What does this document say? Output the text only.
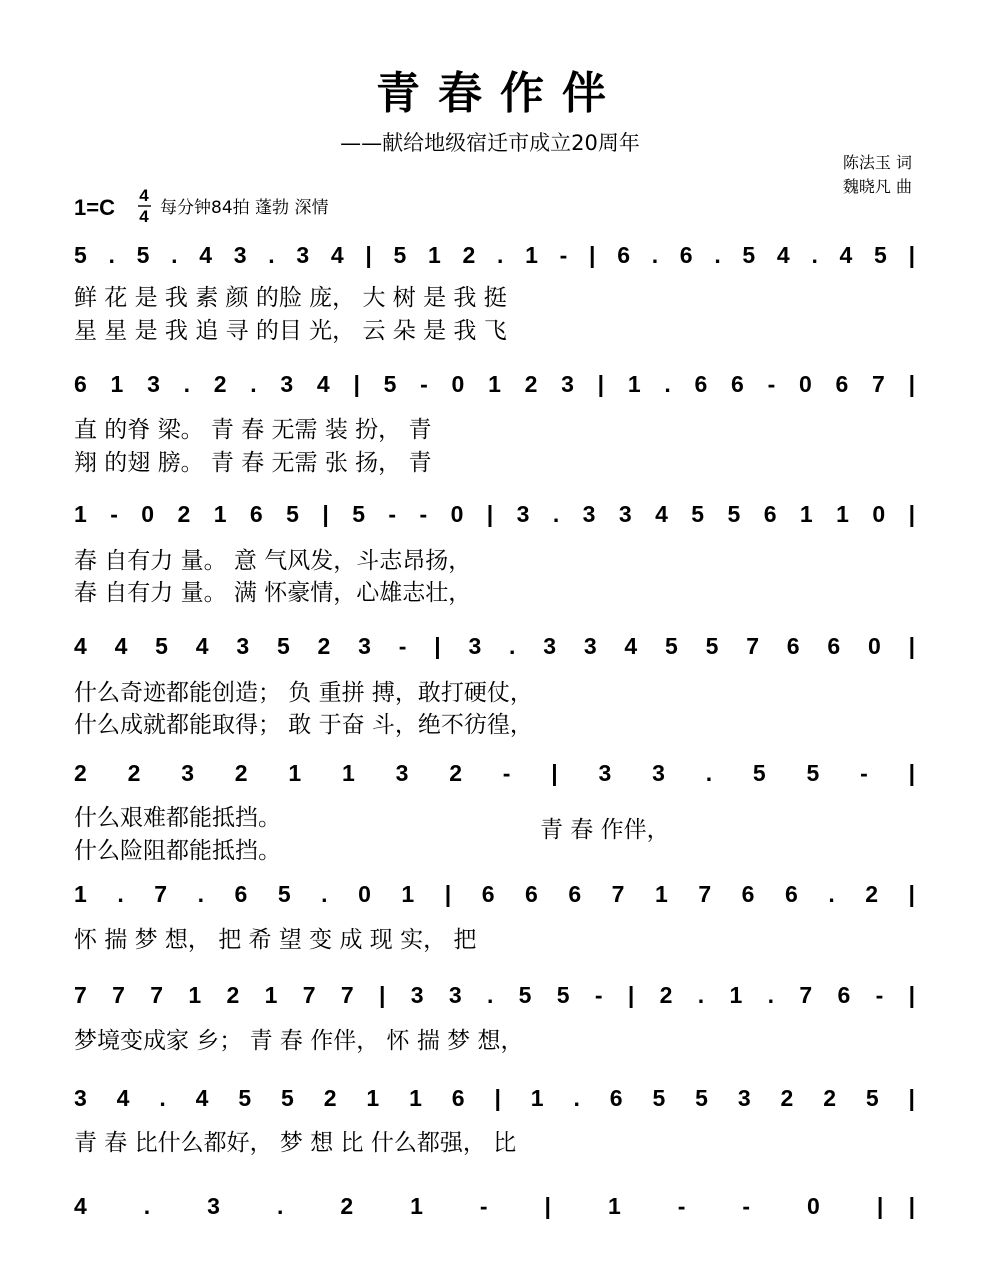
青春作伴
——献给地级宿迁市成立20周年
陈法玉 词
魏晓凡 曲
1=C 4
4 每分钟84拍 蓬勃 深情
5 . 5 . 4 3 . 3 4 | 5 1 2 . 1 - | 6 . 6 . 5 4 . 4 5 |
鲜 花 是 我 素 颜 的脸 庞， 大 树 是 我 挺
星 星 是 我 追 寻 的目 光， 云 朵 是 我 飞
6 1 3 . 2 . 3 4 | 5 - 0 1 2 3 | 1 . 6 6 - 0 6 7 |
直 的脊 梁。 青 春 无需 装 扮， 青
翔 的翅 膀。 青 春 无需 张 扬， 青
1 - 0 2 1 6 5 | 5 - - 0 | 3 . 3 3 4 5 5 6 1 1 0 |
春 自有力 量。 意 气风发，斗志昂扬，
春 自有力 量。 满 怀豪情，心雄志壮，
4 4 5 4 3 5 2 3 - | 3 . 3 3 4 5 5 7 6 6 0 |
什么奇迹都能创造； 负 重拼 搏，敢打硬仗，
什么成就都能取得； 敢 于奋 斗，绝不彷徨，
2 2 3 2 1 1 3 2 - | 3 3 . 5 5 - |
什么艰难都能抵挡。
什么险阻都能抵挡。
青 春 作伴，
1 . 7 . 6 5 . 0 1 | 6 6 6 7 1 7 6 6 . 2 |
怀 揣 梦 想， 把 希 望 变 成 现 实， 把
7 7 7 1 2 1 7 7 | 3 3 . 5 5 - | 2 . 1 . 7 6 - |
梦境变成家 乡； 青 春 作伴， 怀 揣 梦 想，
3 4 . 4 5 5 2 1 1 6 | 1 . 6 5 5 3 2 2 5 |
青 春 比什么都好， 梦 想 比 什么都强， 比
4 . 3 . 2 1 - | 1 - - 0 ||
